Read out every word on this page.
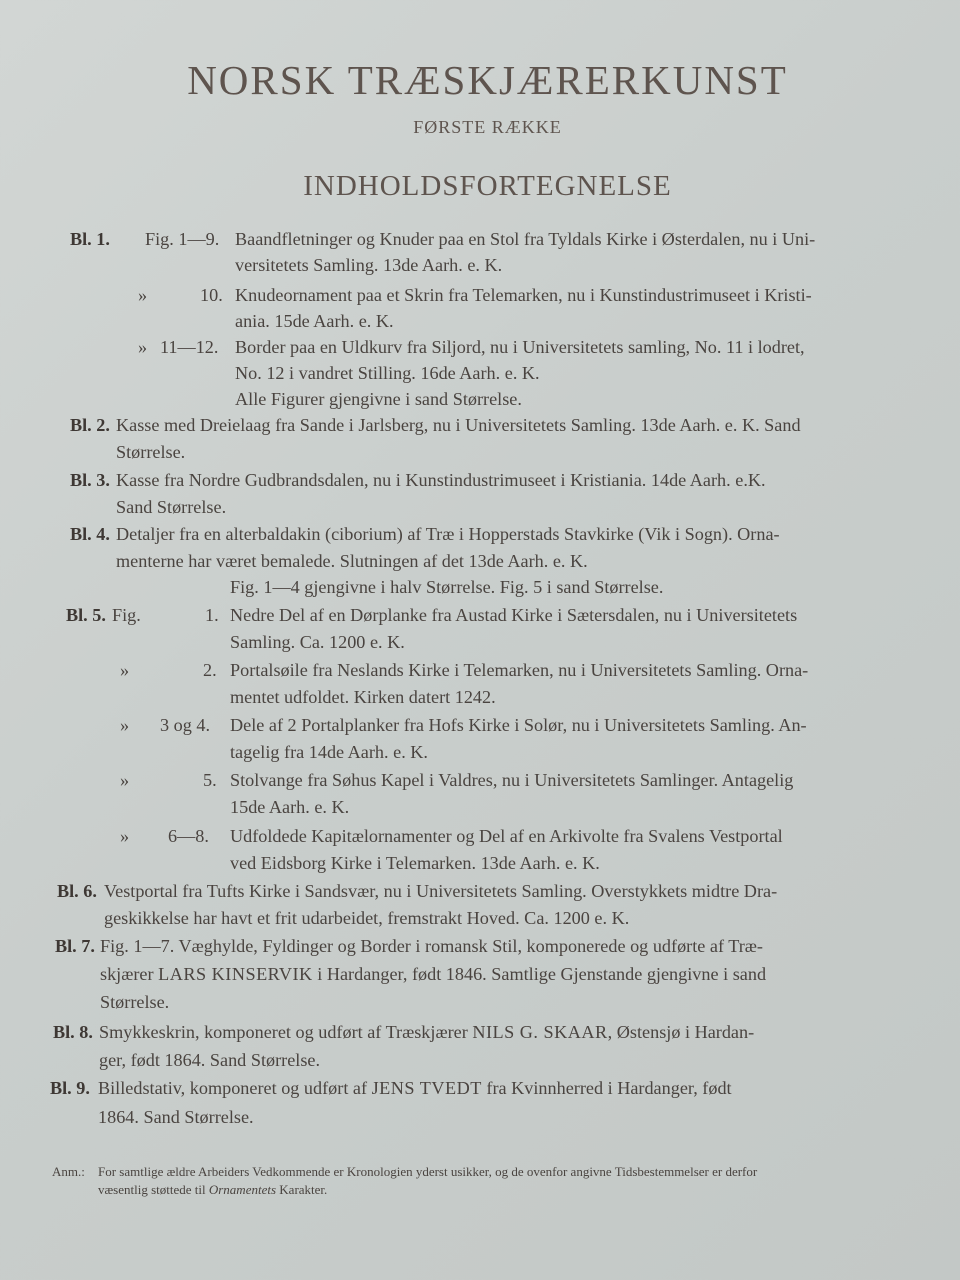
NORSK TRÆSKJÆRERKUNST
FØRSTE RÆKKE
INDHOLDSFORTEGNELSE
Bl. 1. Fig. 1—9. Baandfletninger og Knuder paa en Stol fra Tyldals Kirke i Østerdalen, nu i Uni-
versitetets Samling. 13de Aarh. e. K.
»	10. Knudeornament paa et Skrin fra Telemarken, nu i Kunstindustrimuseet i Kristi-
ania. 15de Aarh. e. K.
» 11—12. Border paa en Uldkurv fra Siljord, nu i Universitetets samling, No. 11 i lodret,
No. 12 i vandret Stilling. 16de Aarh. e. K.
Alle Figurer gjengivne i sand Størrelse.
Bl. 2. Kasse med Dreielaag fra Sande i Jarlsberg, nu i Universitetets Samling. 13de Aarh. e. K. Sand
Størrelse.
Bl. 3. Kasse fra Nordre Gudbrandsdalen, nu i Kunstindustrimuseet i Kristiania. 14de Aarh. e.K.
Sand Størrelse.
Bl. 4. Detaljer fra en alterbaldakin (ciborium) af Træ i Hopperstads Stavkirke (Vik i Sogn). Orna-
menterne har været bemalede. Slutningen af det 13de Aarh. e. K.
Fig. 1—4 gjengivne i halv Størrelse. Fig. 5 i sand Størrelse.
Bl. 5. Fig.	1. Nedre Del af en Dørplanke fra Austad Kirke i Sætersdalen, nu i Universitetets
Samling. Ca. 1200 e. K.
»	2. Portalsøile fra Neslands Kirke i Telemarken, nu i Universitetets Samling. Orna-
mentet udfoldet. Kirken datert 1242.
» 3 og 4. Dele af 2 Portalplanker fra Hofs Kirke i Solør, nu i Universitetets Samling. An-
tagelig fra 14de Aarh. e. K.
»	5. Stolvange fra Søhus Kapel i Valdres, nu i Universitetets Samlinger. Antagelig
15de Aarh. e. K.
» 6—8. Udfoldede Kapitælornamenter og Del af en Arkivolte fra Svalens Vestportal
ved Eidsborg Kirke i Telemarken. 13de Aarh. e. K.
Bl. 6. Vestportal fra Tufts Kirke i Sandsvær, nu i Universitetets Samling. Overstykkets midtre Dra-
geskikkelse har havt et frit udarbeidet, fremstrakt Hoved. Ca. 1200 e. K.
Bl. 7. Fig. 1—7. Væghylde, Fyldinger og Border i romansk Stil, komponerede og udførte af Træ-
skjærer LARS KINSERVIK i Hardanger, født 1846. Samtlige Gjenstande gjengivne i sand
Størrelse.
Bl. 8. Smykkeskrin, komponeret og udført af Træskjærer NILS G. SKAAR, Østensjø i Hardan-
ger, født 1864. Sand Størrelse.
Bl. 9. Billedstativ, komponeret og udført af JENS TVEDT fra Kvinnherred i Hardanger, født
1864. Sand Størrelse.
Anm.: For samtlige ældre Arbeiders Vedkommende er Kronologien yderst usikker, og de ovenfor angivne Tidsbestemmelser er derfor
væsentlig støttede til Ornamentets Karakter.
